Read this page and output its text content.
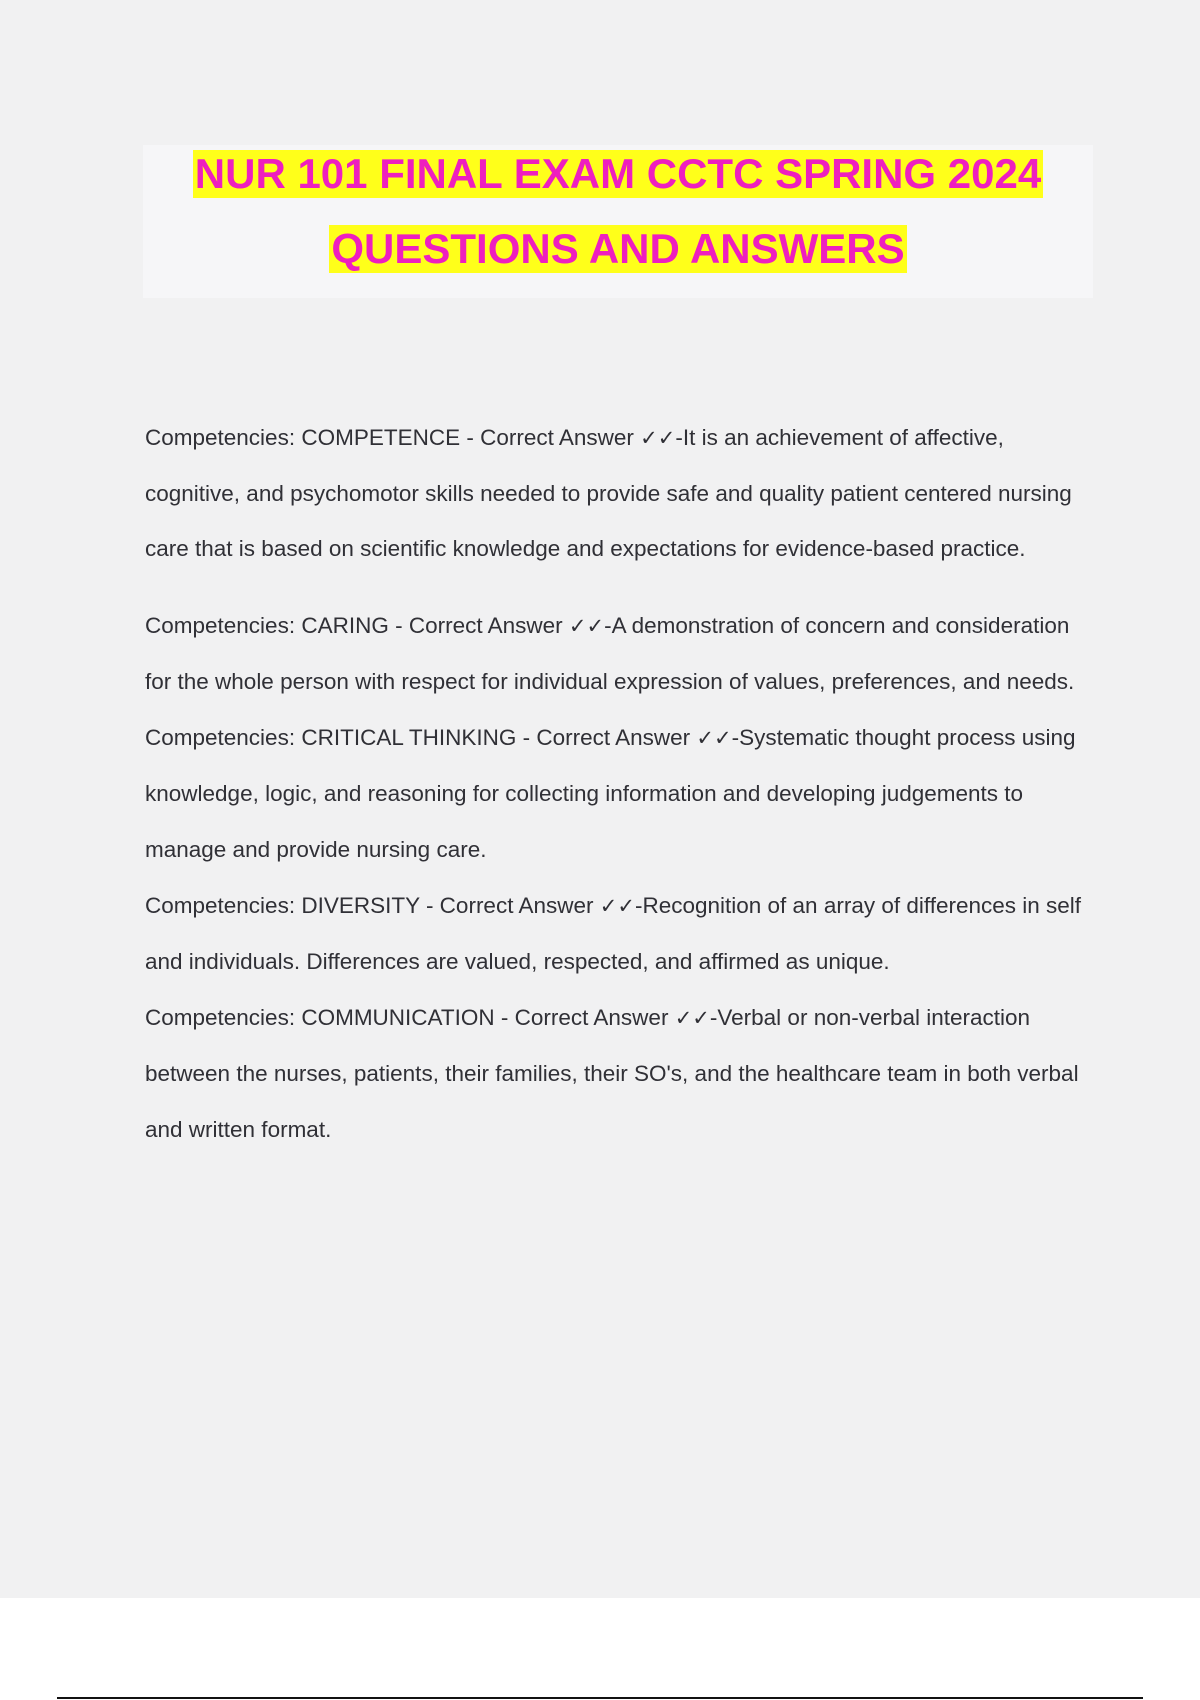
NUR 101 FINAL EXAM CCTC SPRING 2024
QUESTIONS AND ANSWERS

Competencies: COMPETENCE - Correct Answer ✓✓-It is an achievement of affective, cognitive, and psychomotor skills needed to provide safe and quality patient centered nursing care that is based on scientific knowledge and expectations for evidence-based practice.

Competencies: CARING - Correct Answer ✓✓-A demonstration of concern and consideration for the whole person with respect for individual expression of values, preferences, and needs.

Competencies: CRITICAL THINKING - Correct Answer ✓✓-Systematic thought process using knowledge, logic, and reasoning for collecting information and developing judgements to manage and provide nursing care.

Competencies: DIVERSITY - Correct Answer ✓✓-Recognition of an array of differences in self and individuals. Differences are valued, respected, and affirmed as unique.

Competencies: COMMUNICATION - Correct Answer ✓✓-Verbal or non-verbal interaction between the nurses, patients, their families, their SO's, and the healthcare team in both verbal and written format.
